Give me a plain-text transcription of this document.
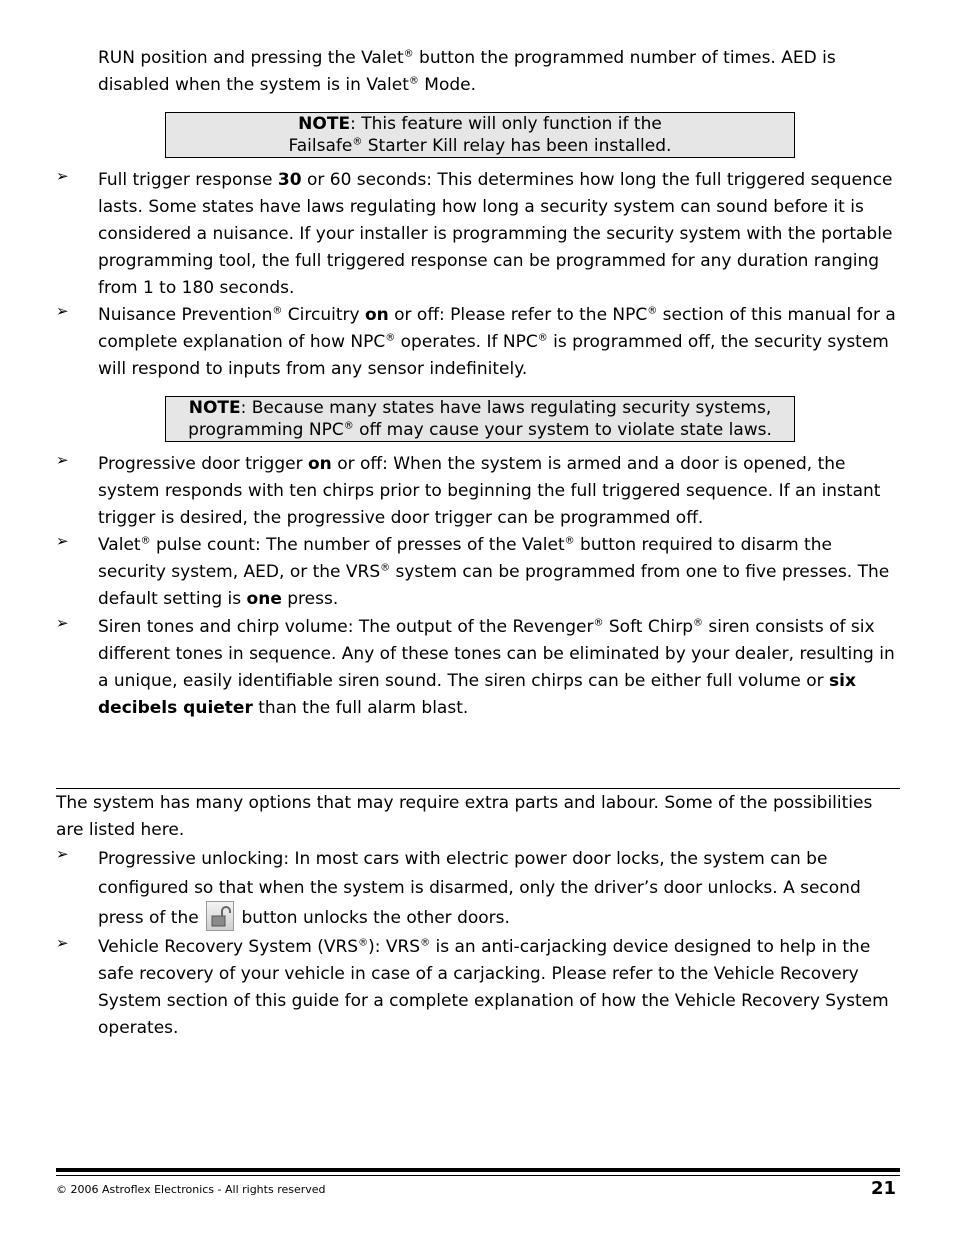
RUN position and pressing the Valet® button the programmed number of times. AED is
disabled when the system is in Valet® Mode.

NOTE: This feature will only function if the
Failsafe® Starter Kill relay has been installed.
➢ Full trigger response 30 or 60 seconds: This determines how long the full triggered sequence lasts. Some states have laws regulating how long a security system can sound before it is considered a nuisance. If your installer is programming the security system with the portable programming tool, the full triggered response can be programmed for any duration ranging from 1 to 180 seconds.
➢ Nuisance Prevention® Circuitry on or off: Please refer to the NPC® section of this manual for a complete explanation of how NPC® operates. If NPC® is programmed off, the security system will respond to inputs from any sensor indefinitely.
NOTE: Because many states have laws regulating security systems,
programming NPC® off may cause your system to violate state laws.
➢ Progressive door trigger on or off: When the system is armed and a door is opened, the system responds with ten chirps prior to beginning the full triggered sequence. If an instant trigger is desired, the progressive door trigger can be programmed off.
➢ Valet® pulse count: The number of presses of the Valet® button required to disarm the security system, AED, or the VRS® system can be programmed from one to five presses. The default setting is one press.
➢ Siren tones and chirp volume: The output of the Revenger® Soft Chirp® siren consists of six different tones in sequence. Any of these tones can be eliminated by your dealer, resulting in a unique, easily identifiable siren sound. The siren chirps can be either full volume or six decibels quieter than the full alarm blast.

The system has many options that may require extra parts and labour. Some of the possibilities are listed here.

➢ Progressive unlocking: In most cars with electric power door locks, the system can be configured so that when the system is disarmed, only the driver’s door unlocks. A second press of the  button unlocks the other doors.
➢ Vehicle Recovery System (VRS®): VRS® is an anti-carjacking device designed to help in the safe recovery of your vehicle in case of a carjacking. Please refer to the Vehicle Recovery System section of this guide for a complete explanation of how the Vehicle Recovery System operates.
© 2006 Astroflex Electronics - All rights reserved	21
